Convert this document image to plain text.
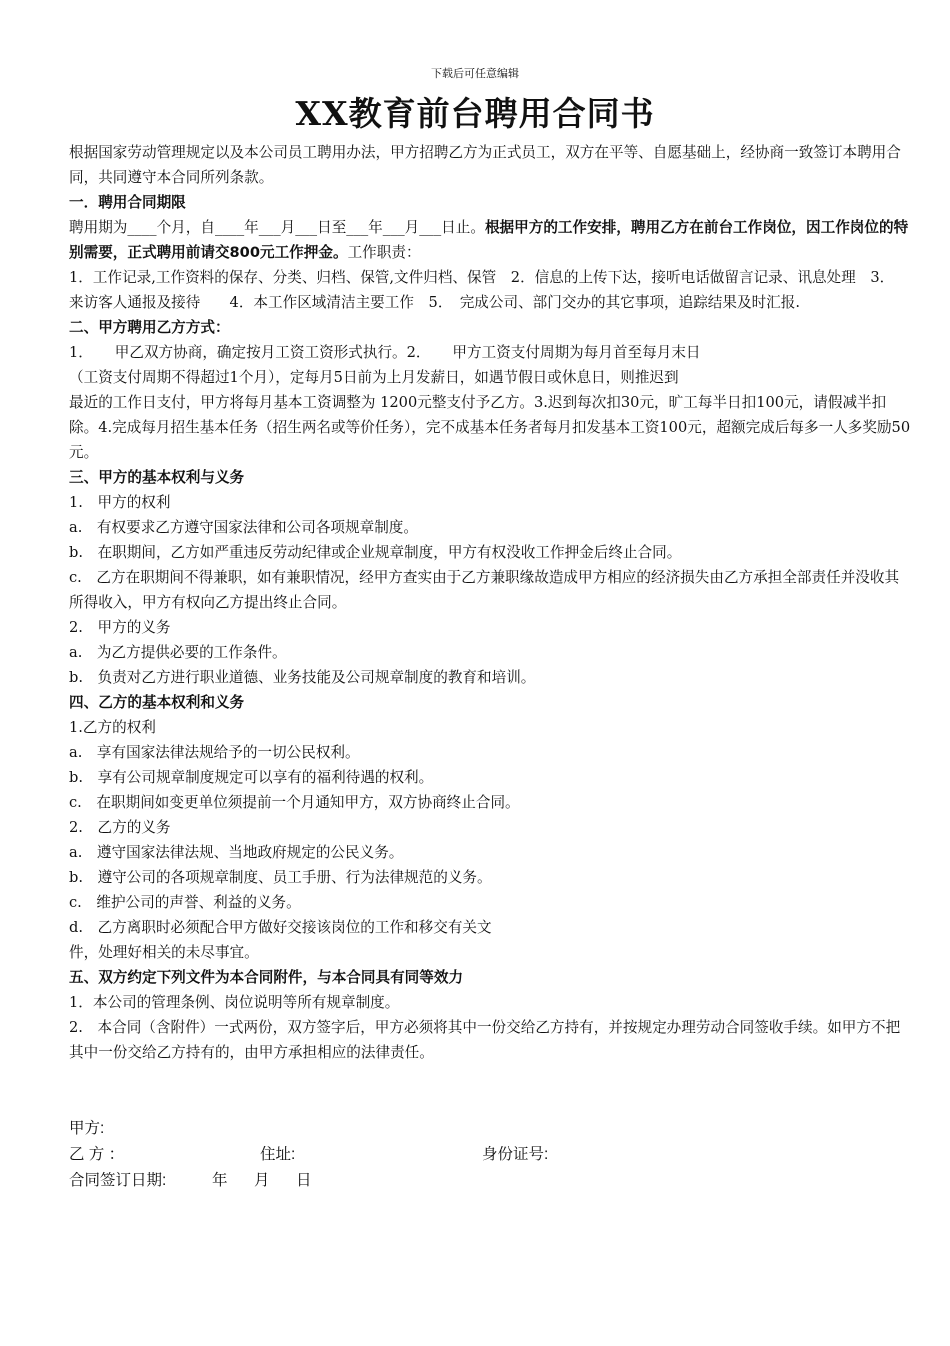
下载后可任意编辑
XX教育前台聘用合同书

根据国家劳动管理规定以及本公司员工聘用办法，甲方招聘乙方为正式员工，双方在平等、自愿基础上，经协商一致签订本聘用合同，共同遵守本合同所列条款。

一．聘用合同期限

聘用期为____个月，自____年___月___日至___年___月___日止。根据甲方的工作安排，聘用乙方在前台工作岗位，因工作岗位的特别需要，正式聘用前请交800元工作押金。工作职责：

1．工作记录,工作资料的保存、分类、归档、保管,文件归档、保管　2．信息的上传下达，接听电话做留言记录、讯息处理　3．　来访客人通报及接待　　4．本工作区域清洁主要工作　5．　完成公司、部门交办的其它事项，追踪结果及时汇报.

二、甲方聘用乙方方式：

1．　　甲乙双方协商，确定按月工资工资形式执行。2．　　甲方工资支付周期为每月首至每月末日

（工资支付周期不得超过1个月），定每月5日前为上月发薪日，如遇节假日或休息日，则推迟到

最近的工作日支付，甲方将每月基本工资调整为 1200元整支付予乙方。3.迟到每次扣30元，旷工每半日扣100元，请假减半扣除。4.完成每月招生基本任务（招生两名或等价任务），完不成基本任务者每月扣发基本工资100元，超额完成后每多一人多奖励50元。

三、甲方的基本权利与义务

1.　甲方的权利

a.　有权要求乙方遵守国家法律和公司各项规章制度。

b.　在职期间，乙方如严重违反劳动纪律或企业规章制度，甲方有权没收工作押金后终止合同。

c.　乙方在职期间不得兼职，如有兼职情况，经甲方查实由于乙方兼职缘故造成甲方相应的经济损失由乙方承担全部责任并没收其所得收入，甲方有权向乙方提出终止合同。

2.　甲方的义务

a.　为乙方提供必要的工作条件。

b.　负责对乙方进行职业道德、业务技能及公司规章制度的教育和培训。

四、乙方的基本权利和义务

1.乙方的权利

a.　享有国家法律法规给予的一切公民权利。

b.　享有公司规章制度规定可以享有的福利待遇的权利。

c.　在职期间如变更单位须提前一个月通知甲方，双方协商终止合同。

2.　乙方的义务

a.　遵守国家法律法规、当地政府规定的公民义务。

b.　遵守公司的各项规章制度、员工手册、行为法律规范的义务。

c.　维护公司的声誉、利益的义务。

d.　乙方离职时必须配合甲方做好交接该岗位的工作和移交有关文

件，处理好相关的未尽事宜。

五、双方约定下列文件为本合同附件，与本合同具有同等效力

1．本公司的管理条例、岗位说明等所有规章制度。

2.　本合同（含附件）一式两份，双方签字后，甲方必须将其中一份交给乙方持有，并按规定办理劳动合同签收手续。如甲方不把其中一份交给乙方持有的，由甲方承担相应的法律责任。

甲方:
乙 方 ：	住址:	身份证号:
合同签订日期:	年 月 日
